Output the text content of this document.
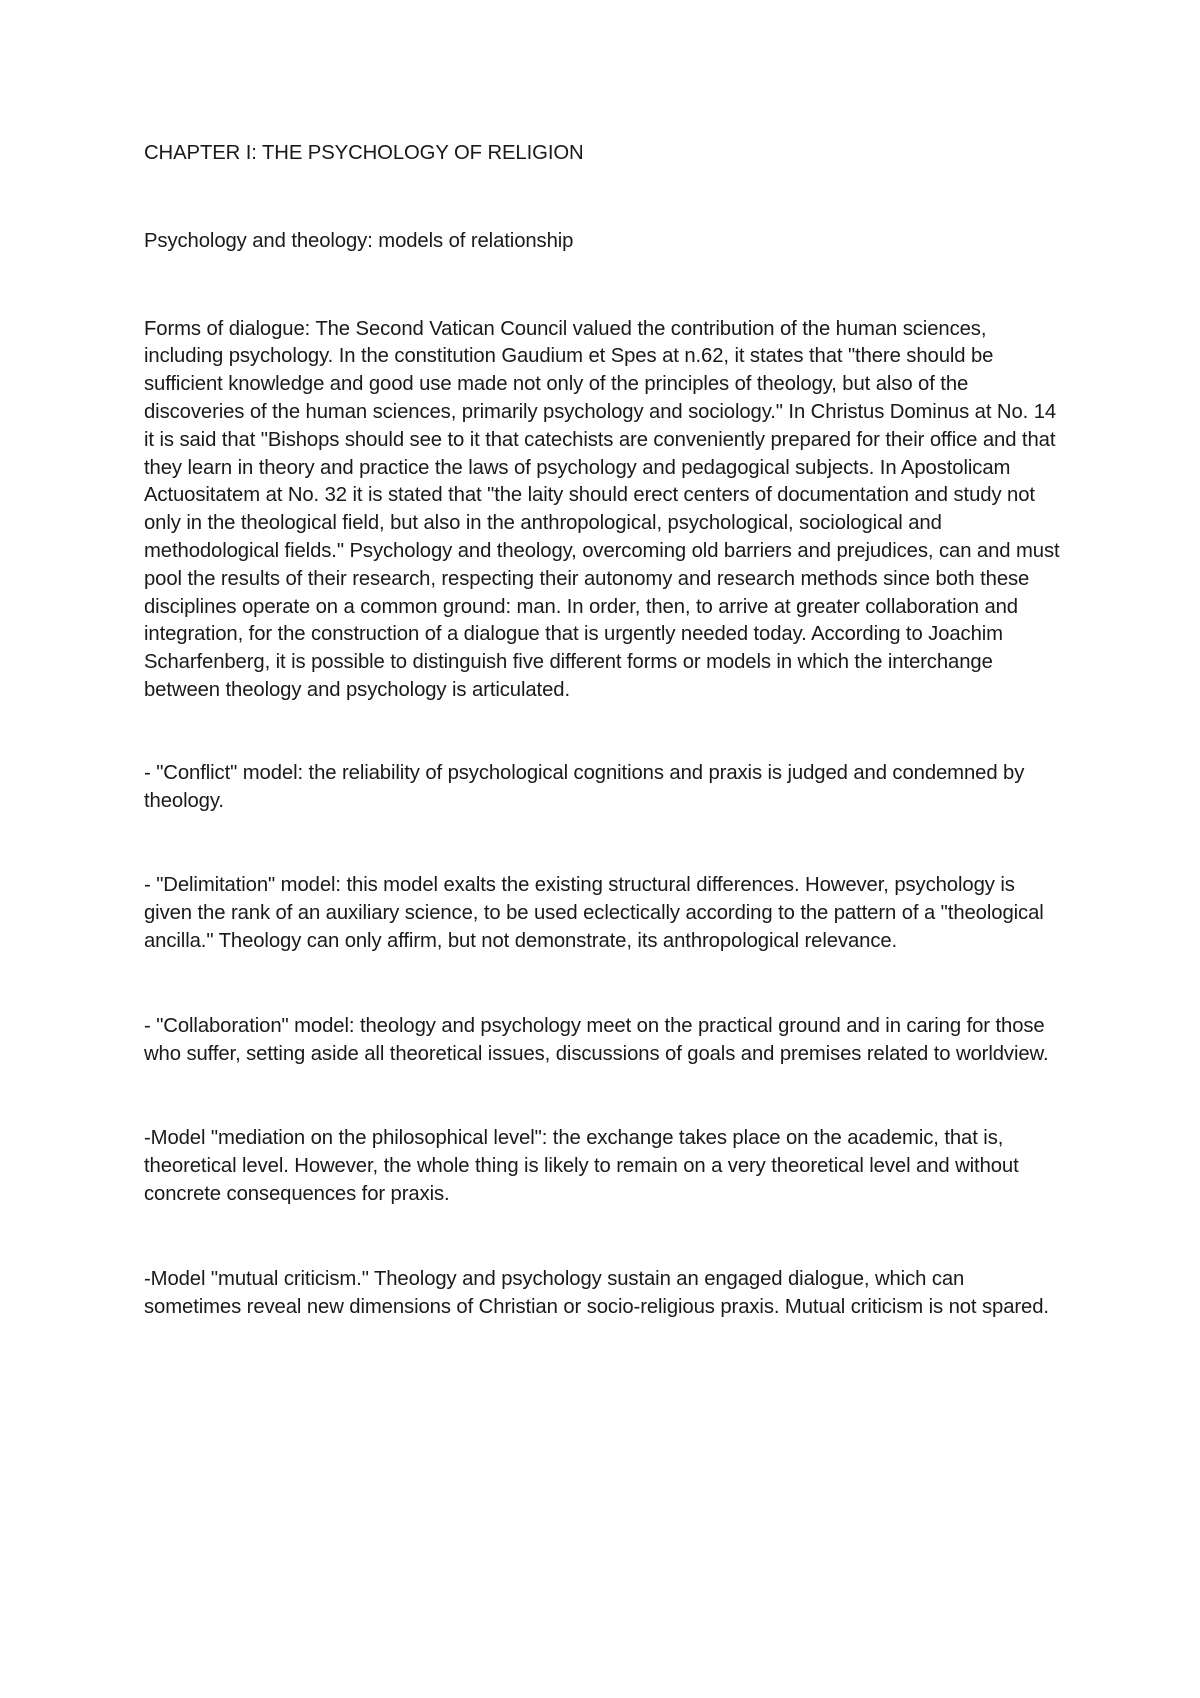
CHAPTER I: THE PSYCHOLOGY OF RELIGION

Psychology and theology: models of relationship

Forms of dialogue: The Second Vatican Council valued the contribution of the human sciences, including psychology. In the constitution Gaudium et Spes at n.62, it states that "there should be sufficient knowledge and good use made not only of the principles of theology, but also of the discoveries of the human sciences, primarily psychology and sociology." In Christus Dominus at No. 14 it is said that "Bishops should see to it that catechists are conveniently prepared for their office and that they learn in theory and practice the laws of psychology and pedagogical subjects. In Apostolicam Actuositatem at No. 32 it is stated that "the laity should erect centers of documentation and study not only in the theological field, but also in the anthropological, psychological, sociological and methodological fields." Psychology and theology, overcoming old barriers and prejudices, can and must pool the results of their research, respecting their autonomy and research methods since both these disciplines operate on a common ground: man. In order, then, to arrive at greater collaboration and integration, for the construction of a dialogue that is urgently needed today. According to Joachim Scharfenberg, it is possible to distinguish five different forms or models in which the interchange between theology and psychology is articulated.

- "Conflict" model: the reliability of psychological cognitions and praxis is judged and condemned by theology.

- "Delimitation" model: this model exalts the existing structural differences. However, psychology is given the rank of an auxiliary science, to be used eclectically according to the pattern of a "theological ancilla." Theology can only affirm, but not demonstrate, its anthropological relevance.

- "Collaboration" model: theology and psychology meet on the practical ground and in caring for those who suffer, setting aside all theoretical issues, discussions of goals and premises related to worldview.

-Model "mediation on the philosophical level": the exchange takes place on the academic, that is, theoretical level. However, the whole thing is likely to remain on a very theoretical level and without concrete consequences for praxis.

-Model "mutual criticism." Theology and psychology sustain an engaged dialogue, which can sometimes reveal new dimensions of Christian or socio-religious praxis. Mutual criticism is not spared.
